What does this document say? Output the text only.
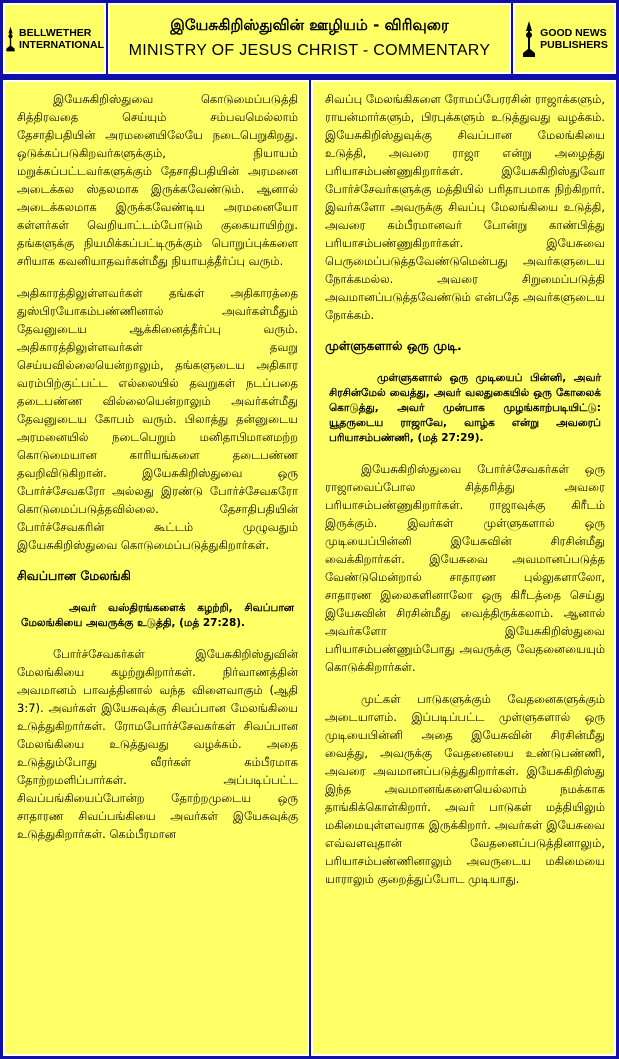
BELLWETHER
INTERNATIONAL
இயேசுகிறிஸ்துவின் ஊழியம் - விரிவுரை
MINISTRY OF JESUS CHRIST - COMMENTARY
GOOD NEWS
PUBLISHERS

இயேசுகிறிஸ்துவை கொடுமைப்படுத்தி சித்திரவதை செய்யும் சம்பவமெல்லாம் தேசாதிபதியின் அரமனையிலேயே நடைபெறுகிறது. ஒடுக்கப்படுகிறவர்களுக்கும், நியாயம் மறுக்கப்பட்டவர்களுக்கும் தேசாதிபதியின் அரமனை அடைக்கல ஸ்தலமாக இருக்கவேண்டும். ஆனால் அடைக்கலமாக இருக்கவேண்டிய அரமனையோ கள்ளர்கள் வெறியாட்டம்போடும் குகையாயிற்று. தங்களுக்கு நியமிக்கப்பட்டிருக்கும் பொறுப்புக்களை சரியாக கவனியாதவர்கள்மீது நியாயத்தீர்ப்பு வரும்.

அதிகாரத்திலுள்ளவர்கள் தங்கள் அதிகாரத்தை துஸ்பிரயோகம்பண்ணினால் அவர்கள்மீதும் தேவனுடைய ஆக்கினைத்தீர்ப்பு வரும். அதிகாரத்திலுள்ளவர்கள் தவறு செய்யவில்லையென்றாலும், தங்களுடைய அதிகார வரம்பிற்குட்பட்ட எல்லையில் தவறுகள் நடப்பதை தடைபண்ண வில்லையென்றாலும் அவர்கள்மீது தேவனுடைய கோபம் வரும். பிலாத்து தன்னுடைய அரமனையில் நடைபெறும் மனிதாபிமானமற்ற கொடுமையான காரியங்களை தடைபண்ண தவறிவிடுகிறான். இயேசுகிறிஸ்துவை ஒரு போர்ச்சேவகரோ அல்லது இரண்டு போர்ச்சேவகரோ கொடுமைப்படுத்தவில்லை. தேசாதிபதியின் போர்ச்சேவகரின் கூட்டம் முழுவதும் இயேசுகிறிஸ்துவை கொடுமைப்படுத்துகிறார்கள்.

சிவப்பான மேலங்கி

அவர் வஸ்திரங்களைக் கழற்றி, சிவப்பான மேலங்கியை அவருக்கு உடுத்தி, (மத் 27:28).

போர்ச்சேவகர்கள் இயேசுகிறிஸ்துவின் மேலங்கியை கழற்றுகிறார்கள். நிர்வாணத்தின் அவமானம் பாவத்தினால் வந்த விளைவாகும் (ஆதி 3:7). அவர்கள் இயேசுவுக்கு சிவப்பான மேலங்கியை உடுத்துகிறார்கள். ரோமபோர்ச்சேவகர்கள் சிவப்பான மேலங்கியை உடுத்துவது வழக்கம். அதை உடுத்தும்போது வீரர்கள் கம்பீரமாக தோற்றமளிப்பார்கள். அப்படிப்பட்ட சிவப்பங்கியைப்போன்ற தோற்றமுடைய ஒரு சாதாரண சிவப்பங்கியை அவர்கள் இயேசுவுக்கு உடுத்துகிறார்கள். கெம்பீரமான

சிவப்பு மேலங்கிகளை ரோமப்பேரரசின் ராஜாக்களும், ராயன்மார்களும், பிரபுக்களும் உடுத்துவது வழக்கம். இயேசுகிறிஸ்துவுக்கு சிவப்பான மேலங்கியை உடுத்தி, அவரை ராஜா என்று அழைத்து பரியாசம்பண்ணுகிறார்கள். இயேசுகிறிஸ்துவோ போர்ச்சேவர்களுக்கு மத்தியில் பரிதாபமாக நிற்கிறார். இவர்களோ அவருக்கு சிவப்பு மேலங்கியை உடுத்தி, அவரை கம்பீரமானவர் போன்று காண்பித்து பரியாசம்பண்ணுகிறார்கள். இயேசுவை பெருமைப்படுத்தவேண்டுமென்பது அவர்களுடைய நோக்கமல்ல. அவரை சிறுமைப்படுத்தி அவமானப்படுத்தவேண்டும் என்பதே அவர்களுடைய நோக்கம்.

முள்ளுகளால் ஒரு முடி.

முள்ளுகளால் ஒரு முடியைப் பின்னி, அவர் சிரசின்மேல் வைத்து, அவர் வலதுகையில் ஒரு கோலைக் கொடுத்து, அவர் முன்பாக முழங்காற்படியிட்டு: யூதருடைய ராஜாவே, வாழ்க என்று அவரைப் பரியாசம்பண்ணி, (மத் 27:29).

இயேசுகிறிஸ்துவை போர்ச்சேவகர்கள் ஒரு ராஜாவைப்போல சித்தரித்து அவரை பரியாசம்பண்ணுகிறார்கள். ராஜாவுக்கு கிரீடம் இருக்கும். இவர்கள் முள்ளுகளால் ஒரு முடியைப்பின்னி இயேசுவின் சிரசின்மீது வைக்கிறார்கள். இயேசுவை அவமானப்படுத்த வேண்டுமென்றால் சாதாரண புல்லுகளாலோ, சாதாரண இலைகளினாலோ ஒரு கிரீடத்தை செய்து இயேசுவின் சிரசின்மீது வைத்திருக்கலாம். ஆனால் அவர்களோ இயேசுகிறிஸ்துவை பரியாசம்பண்ணும்போது அவருக்கு வேதனையையும் கொடுக்கிறார்கள்.

முட்கள் பாடுகளுக்கும் வேதனைகளுக்கும் அடையாளம். இப்படிப்பட்ட முள்ளுகளால் ஒரு முடியைபின்னி அதை இயேசுவின் சிரசின்மீது வைத்து, அவருக்கு வேதனையை உண்டுபண்ணி, அவரை அவமானப்படுத்துகிறார்கள். இயேசுகிறிஸ்து இந்த அவமானங்களையெல்லாம் நமக்காக தாங்கிக்கொள்கிறார். அவர் பாடுகள் மத்தியிலும் மகிமையுள்ளவராக இருக்கிறார். அவர்கள் இயேசுவை எவ்வளவுதான் வேதனைப்படுத்தினாலும், பரியாசம்பண்ணினாலும் அவருடைய மகிமையை யாராலும் குறைத்துப்போட முடியாது.
